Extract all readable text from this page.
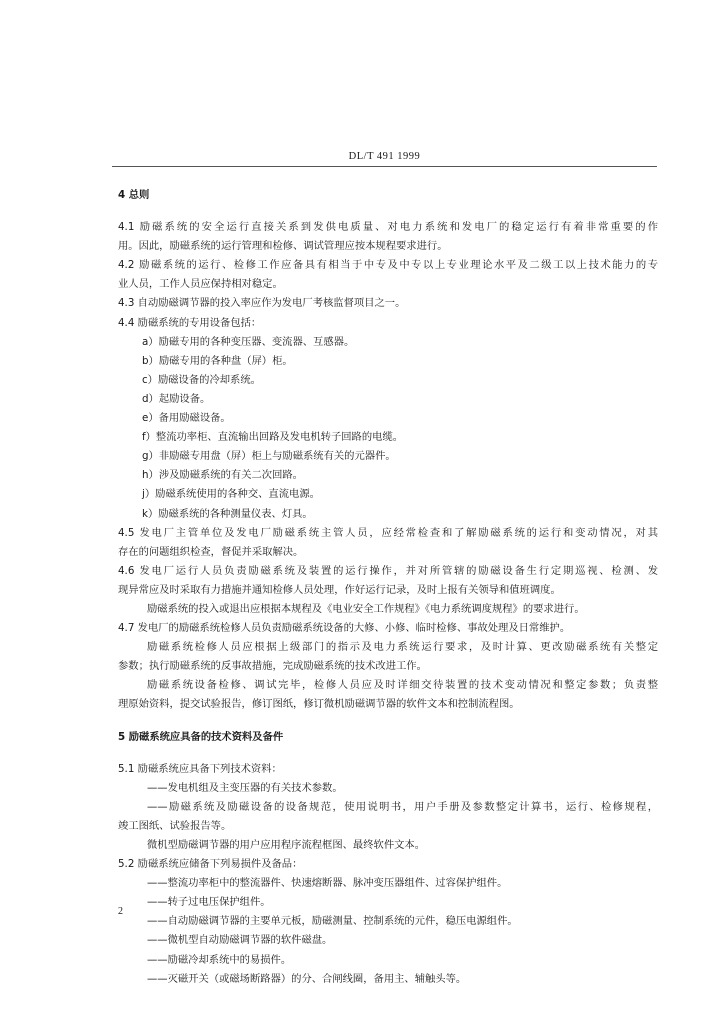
DL/T 491 1999
4 总则
4.1 励磁系统的安全运行直接关系到发供电质量、对电力系统和发电厂的稳定运行有着非常重要的作
用。因此，励磁系统的运行管理和检修、调试管理应按本规程要求进行。
4.2 励磁系统的运行、检修工作应备具有相当于中专及中专以上专业理论水平及二级工以上技术能力的专
业人员，工作人员应保持相对稳定。
4.3 自动励磁调节器的投入率应作为发电厂考核监督项目之一。
4.4 励磁系统的专用设备包括：
a）励磁专用的各种变压器、变流器、互感器。
b）励磁专用的各种盘（屏）柜。
c）励磁设备的冷却系统。
d）起励设备。
e）备用励磁设备。
f）整流功率柜、直流输出回路及发电机转子回路的电缆。
g）非励磁专用盘（屏）柜上与励磁系统有关的元器件。
h）涉及励磁系统的有关二次回路。
j）励磁系统使用的各种交、直流电源。
k）励磁系统的各种测量仪表、灯具。
4.5 发电厂主管单位及发电厂励磁系统主管人员，应经常检查和了解励磁系统的运行和变动情况，对其
存在的问题组织检查，督促并采取解决。
4.6 发电厂运行人员负责励磁系统及装置的运行操作，并对所管辖的励磁设备生行定期巡视、检测、发
现异常应及时采取有力措施并通知检修人员处理，作好运行记录，及时上报有关领导和值班调度。
励磁系统的投入或退出应根据本规程及《电业安全工作规程》《电力系统调度规程》的要求进行。
4.7 发电厂的励磁系统检修人员负责励磁系统设备的大修、小修、临时检修、事故处理及日常维护。
励磁系统检修人员应根据上级部门的指示及电力系统运行要求，及时计算、更改励磁系统有关整定
参数；执行励磁系统的反事故措施，完成励磁系统的技术改进工作。
励磁系统设备检修、调试完毕，检修人员应及时详细交待装置的技术变动情况和整定参数；负责整
理原始资料，提交试验报告，修订图纸，修订微机励磁调节器的软件文本和控制流程图。
5 励磁系统应具备的技术资料及备件
5.1 励磁系统应具备下列技术资料：
——发电机组及主变压器的有关技术参数。
——励磁系统及励磁设备的设备规范，使用说明书，用户手册及参数整定计算书，运行、检修规程，
竣工图纸、试验报告等。
微机型励磁调节器的用户应用程序流程框图、最终软件文本。
5.2 励磁系统应储备下列易损件及备品：
——整流功率柜中的整流器件、快速熔断器、脉冲变压器组件、过容保护组件。
——转子过电压保护组件。
——自动励磁调节器的主要单元板，励磁测量、控制系统的元件，稳压电源组件。
——微机型自动励磁调节器的软件磁盘。
——励磁冷却系统中的易损件。
——灭磁开关（或磁场断路器）的分、合闸线圈，备用主、辅触头等。
2
